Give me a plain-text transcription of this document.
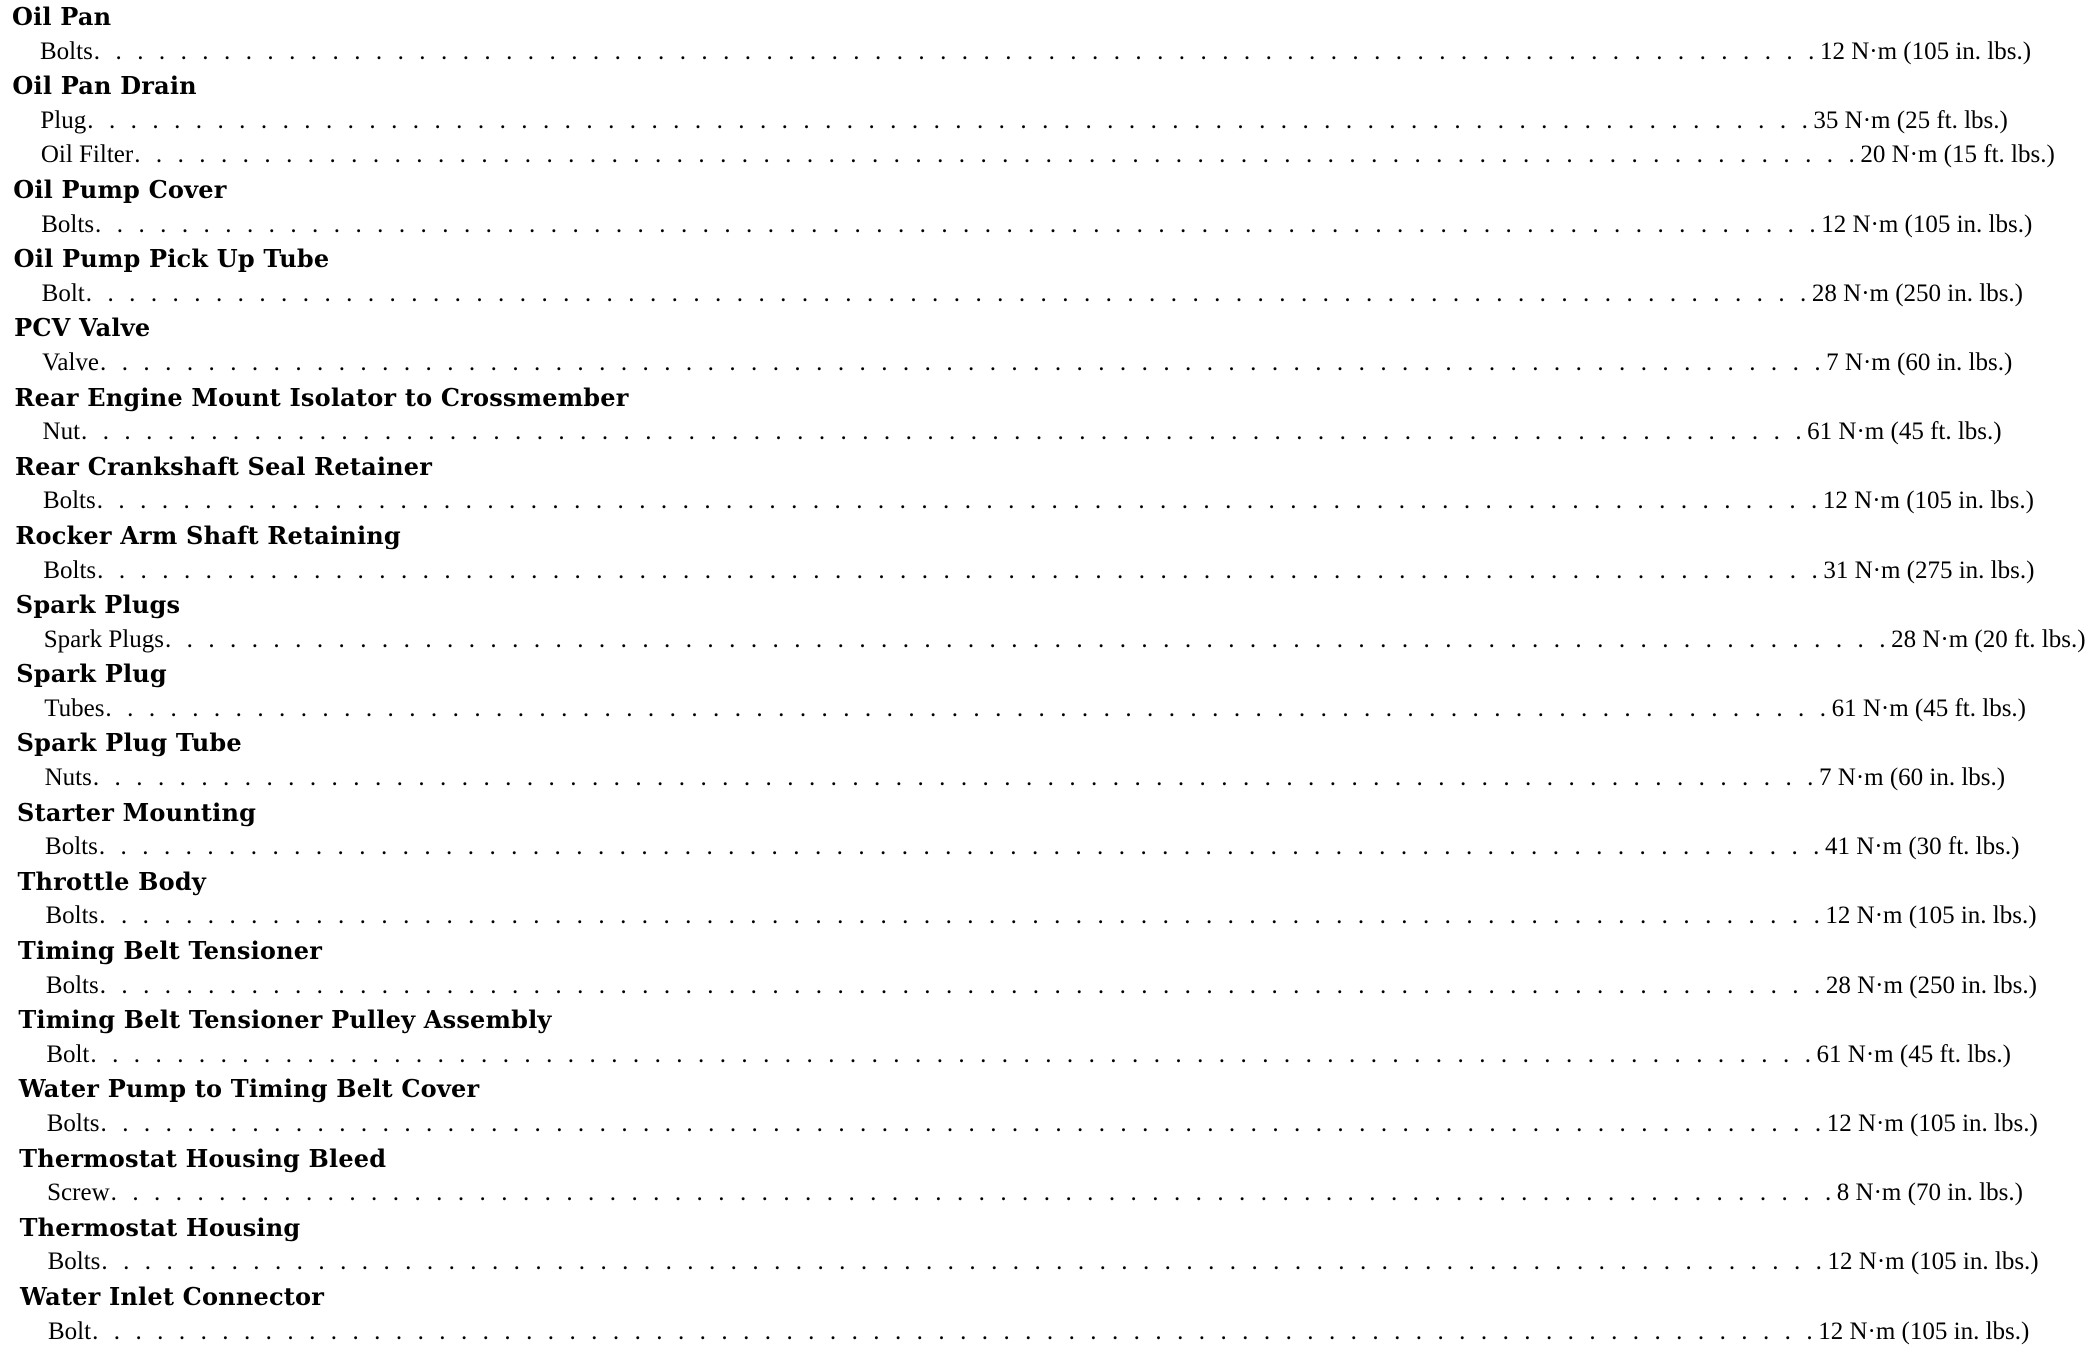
Oil Pan
Bolts . . . . . . . . . . . . . . . . . . . . . . . . . . . . . . . . . . . . . . . . . . . . . . . . . . . . . . . . . . . . . . . . . . . . . . . . . . . . . . . . 12 N·m (105 in. lbs.)
Oil Pan Drain
Plug . . . . . . . . . . . . . . . . . . . . . . . . . . . . . . . . . . . . . . . . . . . . . . . . . . . . . . . . . . . . . . . . . . . . . . . . . . . . . . . . 35 N·m (25 ft. lbs.)
Oil Filter . . . . . . . . . . . . . . . . . . . . . . . . . . . . . . . . . . . . . . . . . . . . . . . . . . . . . . . . . . . . . . . . . . . . . . . . . . . . . . . . 20 N·m (15 ft. lbs.)
Oil Pump Cover
Bolts . . . . . . . . . . . . . . . . . . . . . . . . . . . . . . . . . . . . . . . . . . . . . . . . . . . . . . . . . . . . . . . . . . . . . . . . . . . . . . . . 12 N·m (105 in. lbs.)
Oil Pump Pick Up Tube
Bolt . . . . . . . . . . . . . . . . . . . . . . . . . . . . . . . . . . . . . . . . . . . . . . . . . . . . . . . . . . . . . . . . . . . . . . . . . . . . . . . . 28 N·m (250 in. lbs.)
PCV Valve
Valve . . . . . . . . . . . . . . . . . . . . . . . . . . . . . . . . . . . . . . . . . . . . . . . . . . . . . . . . . . . . . . . . . . . . . . . . . . . . . . . . 7 N·m (60 in. lbs.)
Rear Engine Mount Isolator to Crossmember
Nut . . . . . . . . . . . . . . . . . . . . . . . . . . . . . . . . . . . . . . . . . . . . . . . . . . . . . . . . . . . . . . . . . . . . . . . . . . . . . . . . 61 N·m (45 ft. lbs.)
Rear Crankshaft Seal Retainer
Bolts . . . . . . . . . . . . . . . . . . . . . . . . . . . . . . . . . . . . . . . . . . . . . . . . . . . . . . . . . . . . . . . . . . . . . . . . . . . . . . . . 12 N·m (105 in. lbs.)
Rocker Arm Shaft Retaining
Bolts . . . . . . . . . . . . . . . . . . . . . . . . . . . . . . . . . . . . . . . . . . . . . . . . . . . . . . . . . . . . . . . . . . . . . . . . . . . . . . . . 31 N·m (275 in. lbs.)
Spark Plugs
Spark Plugs . . . . . . . . . . . . . . . . . . . . . . . . . . . . . . . . . . . . . . . . . . . . . . . . . . . . . . . . . . . . . . . . . . . . . . . . . . . . . . . . 28 N·m (20 ft. lbs.)
Spark Plug
Tubes . . . . . . . . . . . . . . . . . . . . . . . . . . . . . . . . . . . . . . . . . . . . . . . . . . . . . . . . . . . . . . . . . . . . . . . . . . . . . . . . 61 N·m (45 ft. lbs.)
Spark Plug Tube
Nuts . . . . . . . . . . . . . . . . . . . . . . . . . . . . . . . . . . . . . . . . . . . . . . . . . . . . . . . . . . . . . . . . . . . . . . . . . . . . . . . . 7 N·m (60 in. lbs.)
Starter Mounting
Bolts . . . . . . . . . . . . . . . . . . . . . . . . . . . . . . . . . . . . . . . . . . . . . . . . . . . . . . . . . . . . . . . . . . . . . . . . . . . . . . . . 41 N·m (30 ft. lbs.)
Throttle Body
Bolts . . . . . . . . . . . . . . . . . . . . . . . . . . . . . . . . . . . . . . . . . . . . . . . . . . . . . . . . . . . . . . . . . . . . . . . . . . . . . . . . 12 N·m (105 in. lbs.)
Timing Belt Tensioner
Bolts . . . . . . . . . . . . . . . . . . . . . . . . . . . . . . . . . . . . . . . . . . . . . . . . . . . . . . . . . . . . . . . . . . . . . . . . . . . . . . . . 28 N·m (250 in. lbs.)
Timing Belt Tensioner Pulley Assembly
Bolt . . . . . . . . . . . . . . . . . . . . . . . . . . . . . . . . . . . . . . . . . . . . . . . . . . . . . . . . . . . . . . . . . . . . . . . . . . . . . . . . 61 N·m (45 ft. lbs.)
Water Pump to Timing Belt Cover
Bolts . . . . . . . . . . . . . . . . . . . . . . . . . . . . . . . . . . . . . . . . . . . . . . . . . . . . . . . . . . . . . . . . . . . . . . . . . . . . . . . . 12 N·m (105 in. lbs.)
Thermostat Housing Bleed
Screw . . . . . . . . . . . . . . . . . . . . . . . . . . . . . . . . . . . . . . . . . . . . . . . . . . . . . . . . . . . . . . . . . . . . . . . . . . . . . . . . 8 N·m (70 in. lbs.)
Thermostat Housing
Bolts . . . . . . . . . . . . . . . . . . . . . . . . . . . . . . . . . . . . . . . . . . . . . . . . . . . . . . . . . . . . . . . . . . . . . . . . . . . . . . . . 12 N·m (105 in. lbs.)
Water Inlet Connector
Bolt . . . . . . . . . . . . . . . . . . . . . . . . . . . . . . . . . . . . . . . . . . . . . . . . . . . . . . . . . . . . . . . . . . . . . . . . . . . . . . . . 12 N·m (105 in. lbs.)
